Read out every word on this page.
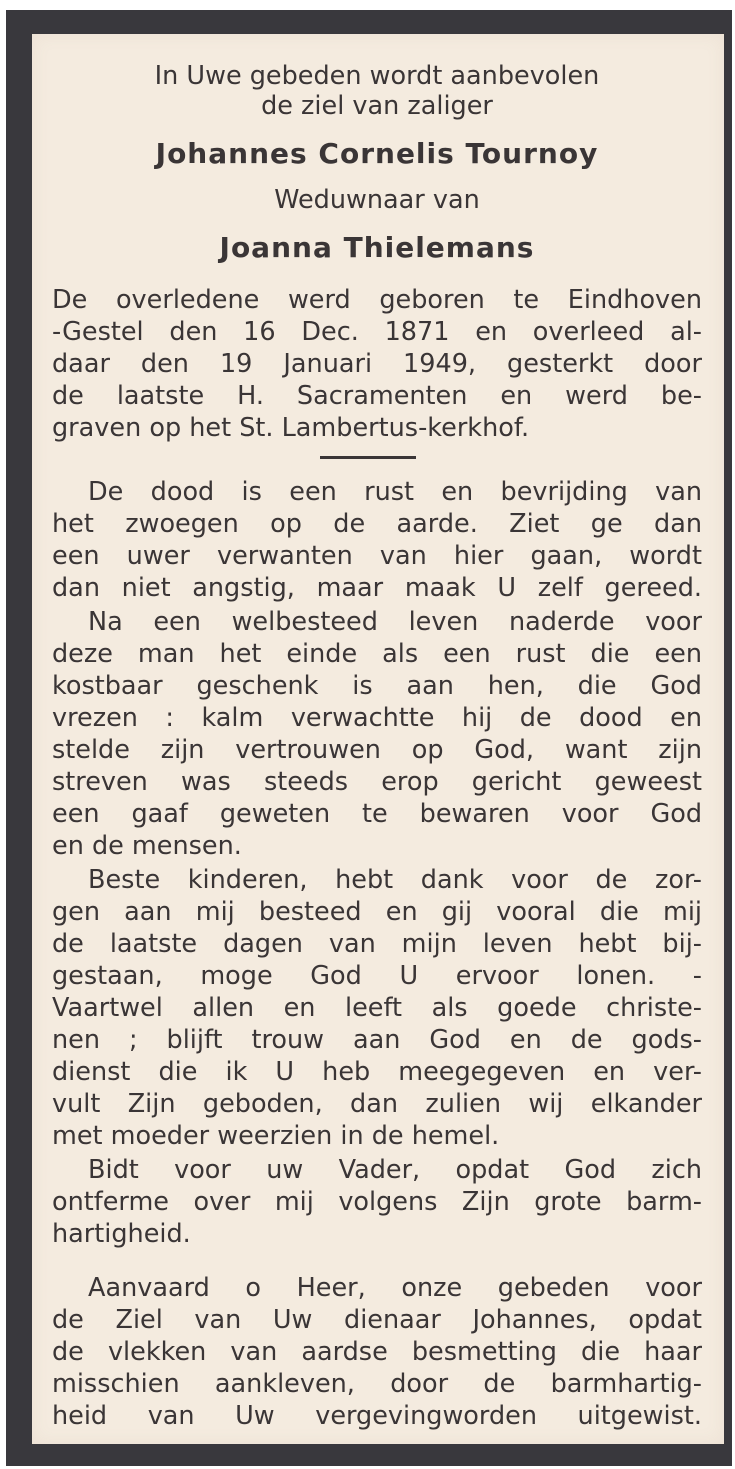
In Uwe gebeden wordt aanbevolen
de ziel van zaliger
Johannes Cornelis Tournoy
Weduwnaar van
Joanna Thielemans
De overledene werd geboren te Eindhoven
-Gestel den 16 Dec. 1871 en overleed al-
daar den 19 Januari 1949, gesterkt door
de laatste H. Sacramenten en werd be-
graven op het St. Lambertus-kerkhof.
De dood is een rust en bevrijding van
het zwoegen op de aarde. Ziet ge dan
een uwer verwanten van hier gaan, wordt
dan niet angstig, maar maak U zelf gereed.
Na een welbesteed leven naderde voor
deze man het einde als een rust die een
kostbaar geschenk is aan hen, die God
vrezen : kalm verwachtte hij de dood en
stelde zijn vertrouwen op God, want zijn
streven was steeds erop gericht geweest
een gaaf geweten te bewaren voor God
en de mensen.
Beste kinderen, hebt dank voor de zor-
gen aan mij besteed en gij vooral die mij
de laatste dagen van mijn leven hebt bij-
gestaan, moge God U ervoor lonen. -
Vaartwel allen en leeft als goede christe-
nen ; blijft trouw aan God en de gods-
dienst die ik U heb meegegeven en ver-
vult Zijn geboden, dan zulien wij elkander
met moeder weerzien in de hemel.
Bidt voor uw Vader, opdat God zich
ontferme over mij volgens Zijn grote barm-
hartigheid.
Aanvaard o Heer, onze gebeden voor
de Ziel van Uw dienaar Johannes, opdat
de vlekken van aardse besmetting die haar
misschien aankleven, door de barmhartig-
heid van Uw vergevingworden uitgewist.
